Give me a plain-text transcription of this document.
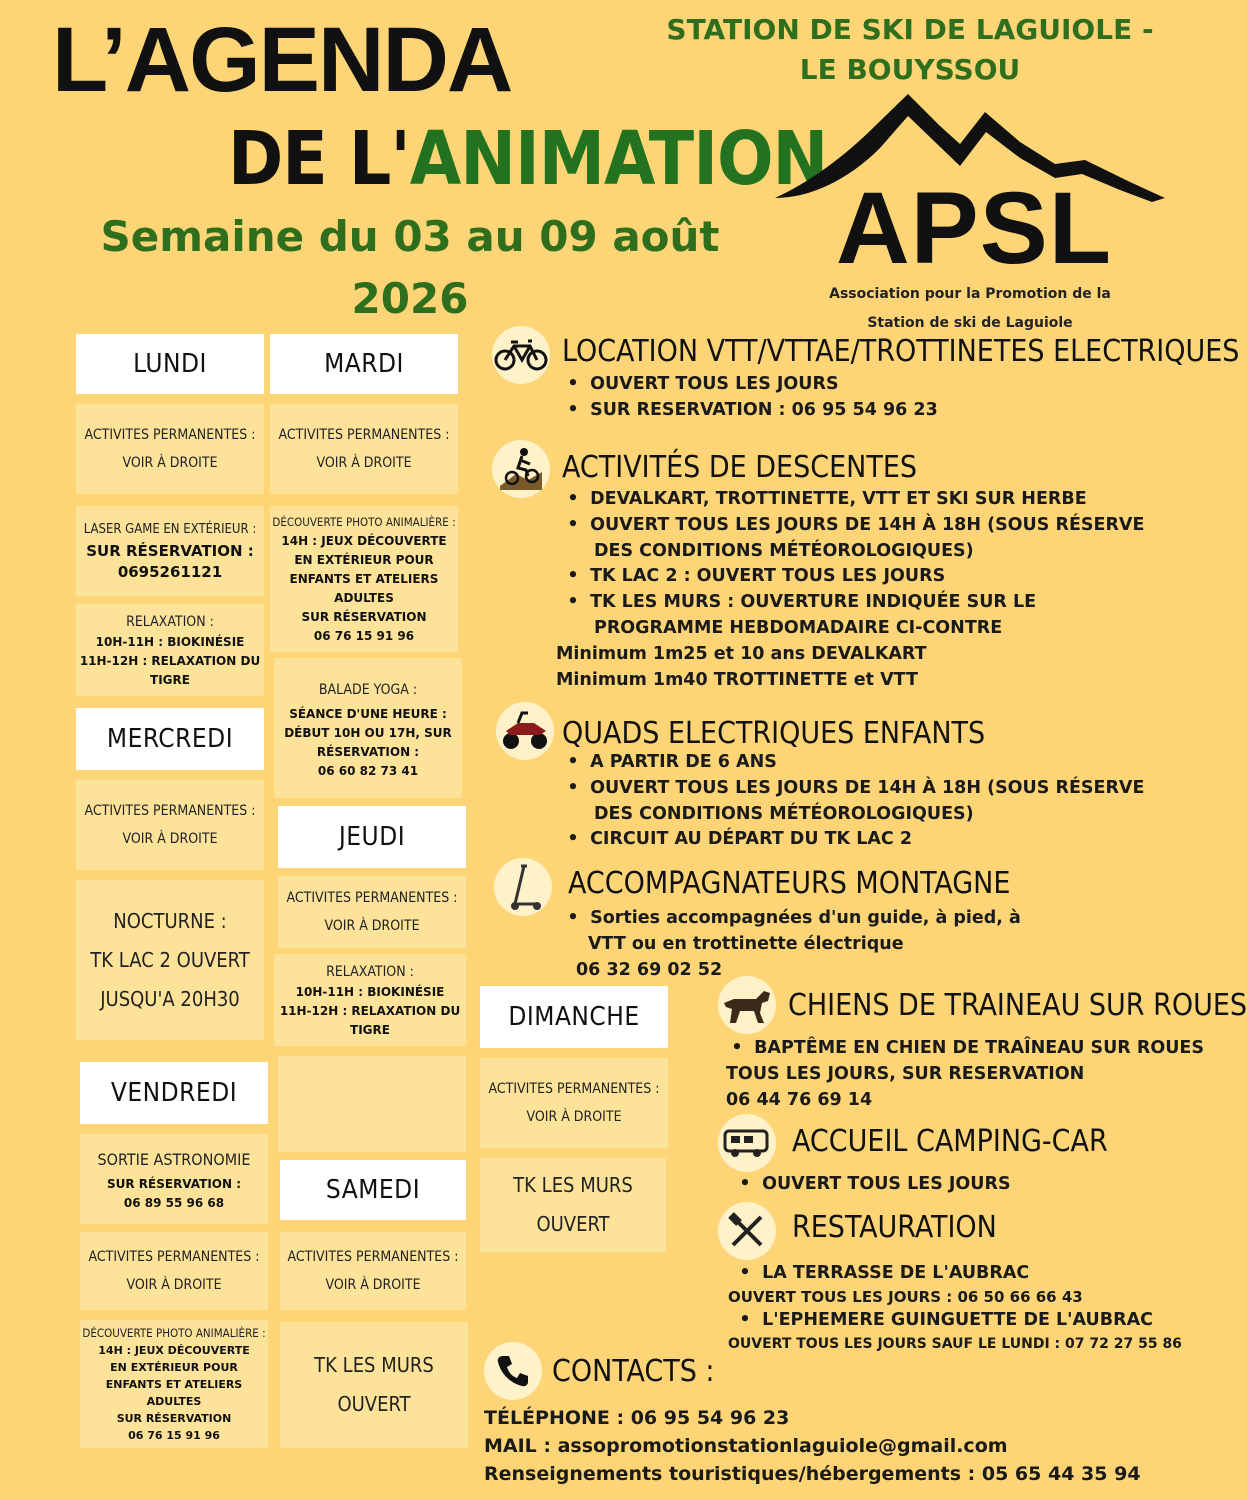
L’AGENDA
DE L'ANIMATION
Semaine du 03 au 09 août
2026
STATION DE SKI DE LAGUIOLE -
LE BOUYSSOU
APSL
Association pour la Promotion de la
Station de ski de Laguiole
LUNDI
ACTIVITES PERMANENTES :
VOIR À DROITE
LASER GAME EN EXTÉRIEUR :
SUR RÉSERVATION :
0695261121
RELAXATION :
10H-11H : BIOKINÉSIE
11H-12H : RELAXATION DU
TIGRE
MERCREDI
ACTIVITES PERMANENTES :
VOIR À DROITE
NOCTURNE :
TK LAC 2 OUVERT
JUSQU'A 20H30
VENDREDI
SORTIE ASTRONOMIE
SUR RÉSERVATION :
06 89 55 96 68
ACTIVITES PERMANENTES :
VOIR À DROITE
DÉCOUVERTE PHOTO ANIMALIÈRE :
14H : JEUX DÉCOUVERTE
EN EXTÉRIEUR POUR
ENFANTS ET ATELIERS
ADULTES
SUR RÉSERVATION
06 76 15 91 96
MARDI
ACTIVITES PERMANENTES :
VOIR À DROITE
DÉCOUVERTE PHOTO ANIMALIÈRE :
14H : JEUX DÉCOUVERTE
EN EXTÉRIEUR POUR
ENFANTS ET ATELIERS
ADULTES
SUR RÉSERVATION
06 76 15 91 96
BALADE YOGA :
SÉANCE D'UNE HEURE :
DÉBUT 10H OU 17H, SUR
RÉSERVATION :
06 60 82 73 41
JEUDI
ACTIVITES PERMANENTES :
VOIR À DROITE
RELAXATION :
10H-11H : BIOKINÉSIE
11H-12H : RELAXATION DU
TIGRE
SAMEDI
ACTIVITES PERMANENTES :
VOIR À DROITE
TK LES MURS
OUVERT
DIMANCHE
ACTIVITES PERMANENTES :
VOIR À DROITE
TK LES MURS
OUVERT
LOCATION VTT/VTTAE/TROTTINETES ELECTRIQUES
• OUVERT TOUS LES JOURS
• SUR RESERVATION : 06 95 54 96 23
ACTIVITÉS DE DESCENTES
• DEVALKART, TROTTINETTE, VTT ET SKI SUR HERBE
• OUVERT TOUS LES JOURS DE 14H À 18H (SOUS RÉSERVE
DES CONDITIONS MÉTÉOROLOGIQUES)
• TK LAC 2 : OUVERT TOUS LES JOURS
• TK LES MURS : OUVERTURE INDIQUÉE SUR LE
PROGRAMME HEBDOMADAIRE CI-CONTRE
Minimum 1m25 et 10 ans DEVALKART
Minimum 1m40 TROTTINETTE et VTT
QUADS ELECTRIQUES ENFANTS
• A PARTIR DE 6 ANS
• OUVERT TOUS LES JOURS DE 14H À 18H (SOUS RÉSERVE
DES CONDITIONS MÉTÉOROLOGIQUES)
• CIRCUIT AU DÉPART DU TK LAC 2
ACCOMPAGNATEURS MONTAGNE
• Sorties accompagnées d'un guide, à pied, à
VTT ou en trottinette électrique
06 32 69 02 52
CHIENS DE TRAINEAU SUR ROUES
• BAPTÊME EN CHIEN DE TRAÎNEAU SUR ROUES
TOUS LES JOURS, SUR RESERVATION
06 44 76 69 14
ACCUEIL CAMPING-CAR
• OUVERT TOUS LES JOURS
RESTAURATION
• LA TERRASSE DE L'AUBRAC
OUVERT TOUS LES JOURS : 06 50 66 66 43
• L'EPHEMERE GUINGUETTE DE L'AUBRAC
OUVERT TOUS LES JOURS SAUF LE LUNDI : 07 72 27 55 86
CONTACTS :
TÉLÉPHONE : 06 95 54 96 23
MAIL : assopromotionstationlaguiole@gmail.com
Renseignements touristiques/hébergements : 05 65 44 35 94
